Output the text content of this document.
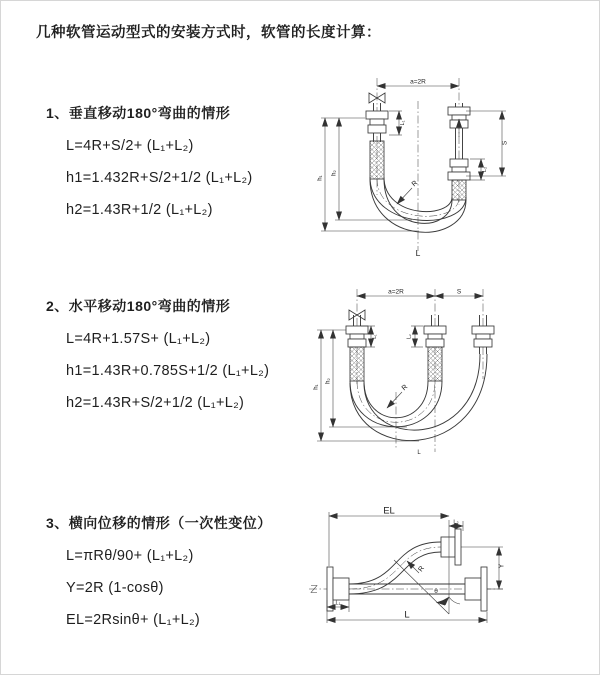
几种软管运动型式的安装方式时，软管的长度计算：
1、垂直移动180°弯曲的情形
L=4R+S/2+ (L₁+L₂)
h1=1.432R+S/2+1/2 (L₁+L₂)
h2=1.43R+1/2 (L₁+L₂)
2、水平移动180°弯曲的情形
L=4R+1.57S+ (L₁+L₂)
h1=1.43R+0.785S+1/2 (L₁+L₂)
h2=1.43R+S/2+1/2 (L₁+L₂)
3、横向位移的情形（一次性变位）
L=πRθ/90+ (L₁+L₂)
Y=2R (1-cosθ)
EL=2Rsinθ+ (L₁+L₂)
a=2R
L₁
S
L₂
h₁
h₂
R
L
a=2R	S
L₁	L₂
h₁
h₂
R
L
θ
EL
L₂
Y
R
L₁
L
